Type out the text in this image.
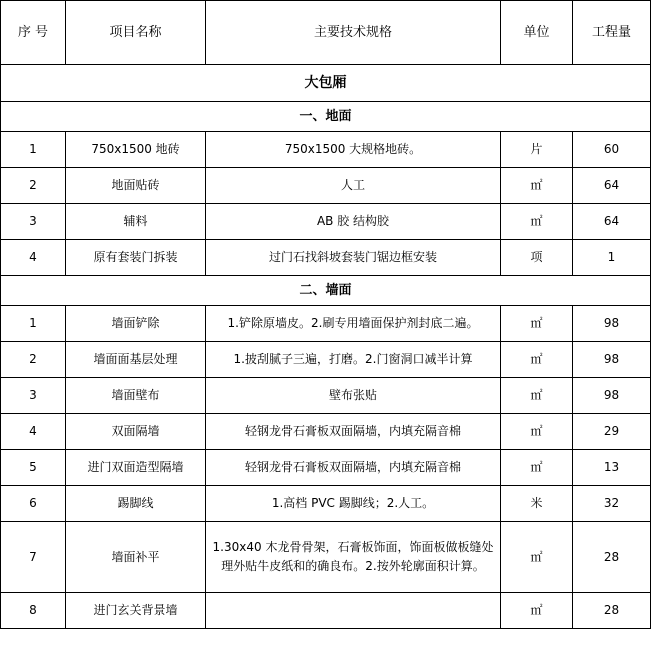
序 号	项目名称	主要技术规格	单位	工程量
大包厢				
一、地面				
1	750x1500 地砖	750x1500 大规格地砖。	片	60
2	地面贴砖	人工	㎡	64
3	辅料	AB 胶 结构胶	㎡	64
4	原有套装门拆装	过门石找斜坡套装门锯边框安装	项	1
二、墙面				
1	墙面铲除	1.铲除原墙皮。2.刷专用墙面保护剂封底二遍。	㎡	98
2	墙面面基层处理	1.披刮腻子三遍，打磨。2.门窗洞口减半计算	㎡	98
3	墙面壁布	壁布张贴	㎡	98
4	双面隔墙	轻钢龙骨石膏板双面隔墙，内填充隔音棉	㎡	29
5	进门双面造型隔墙	轻钢龙骨石膏板双面隔墙，内填充隔音棉	㎡	13
6	踢脚线	1.高档 PVC 踢脚线；2.人工。	米	32
7	墙面补平	1.30x40 木龙骨骨架，石膏板饰面，饰面板做板缝处理外贴牛皮纸和的确良布。2.按外轮廓面积计算。	㎡	28
8	进门玄关背景墙		㎡	28
